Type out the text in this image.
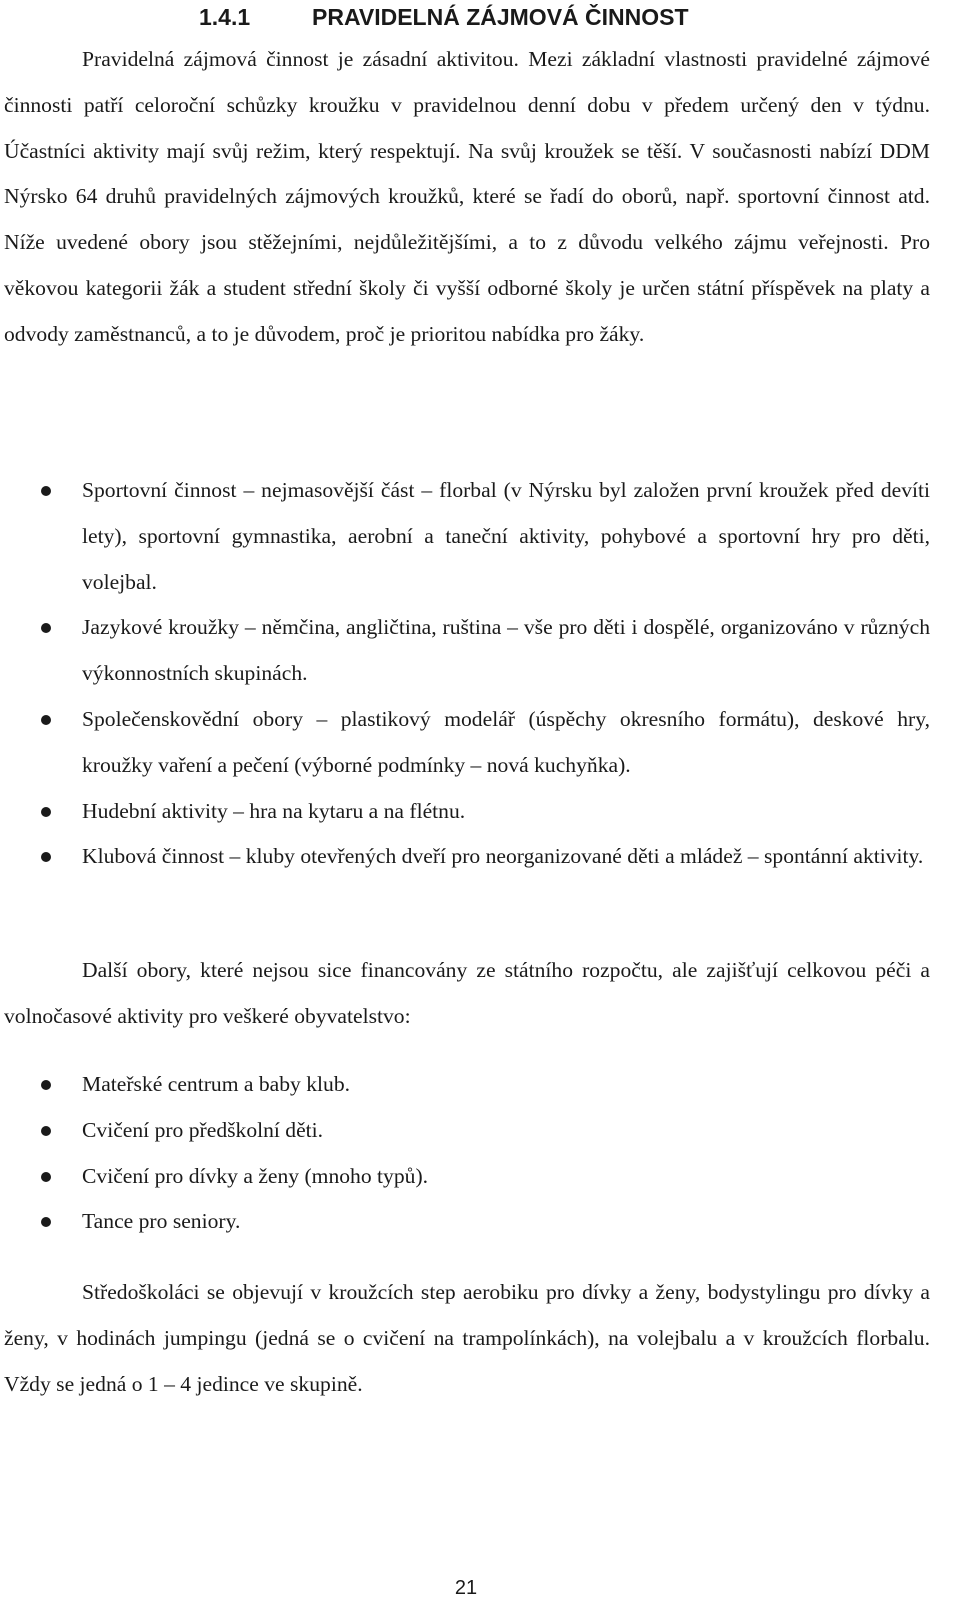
1.4.1	PRAVIDELNÁ ZÁJMOVÁ ČINNOST

Pravidelná zájmová činnost je zásadní aktivitou. Mezi základní vlastnosti pravidelné zájmové činnosti patří celoroční schůzky kroužku v pravidelnou denní dobu v předem určený den v týdnu. Účastníci aktivity mají svůj režim, který respektují. Na svůj kroužek se těší. V současnosti nabízí DDM Nýrsko 64 druhů pravidelných zájmových kroužků, které se řadí do oborů, např. sportovní činnost atd. Níže uvedené obory jsou stěžejními, nejdůležitějšími, a to z důvodu velkého zájmu veřejnosti. Pro věkovou kategorii žák a student střední školy či vyšší odborné školy je určen státní příspěvek na platy a odvody zaměstnanců, a to je důvodem, proč je prioritou nabídka pro žáky.

Sportovní činnost – nejmasovější část – florbal (v Nýrsku byl založen první kroužek před devíti lety), sportovní gymnastika, aerobní a taneční aktivity, pohybové a sportovní hry pro děti, volejbal.
Jazykové kroužky – němčina, angličtina, ruština – vše pro děti i dospělé, organizováno v různých výkonnostních skupinách.
Společenskovědní obory – plastikový modelář (úspěchy okresního formátu), deskové hry, kroužky vaření a pečení (výborné podmínky – nová kuchyňka).
Hudební aktivity – hra na kytaru a na flétnu.
Klubová činnost – kluby otevřených dveří pro neorganizované děti a mládež – spontánní aktivity.

Další obory, které nejsou sice financovány ze státního rozpočtu, ale zajišťují celkovou péči a volnočasové aktivity pro veškeré obyvatelstvo:

Mateřské centrum a baby klub.
Cvičení pro předškolní děti.
Cvičení pro dívky a ženy (mnoho typů).
Tance pro seniory.

Středoškoláci se objevují v kroužcích step aerobiku pro dívky a ženy, bodystylingu pro dívky a ženy, v hodinách jumpingu (jedná se o cvičení na trampolínkách), na volejbalu a v kroužcích florbalu. Vždy se jedná o 1 – 4 jedince ve skupině.

21
